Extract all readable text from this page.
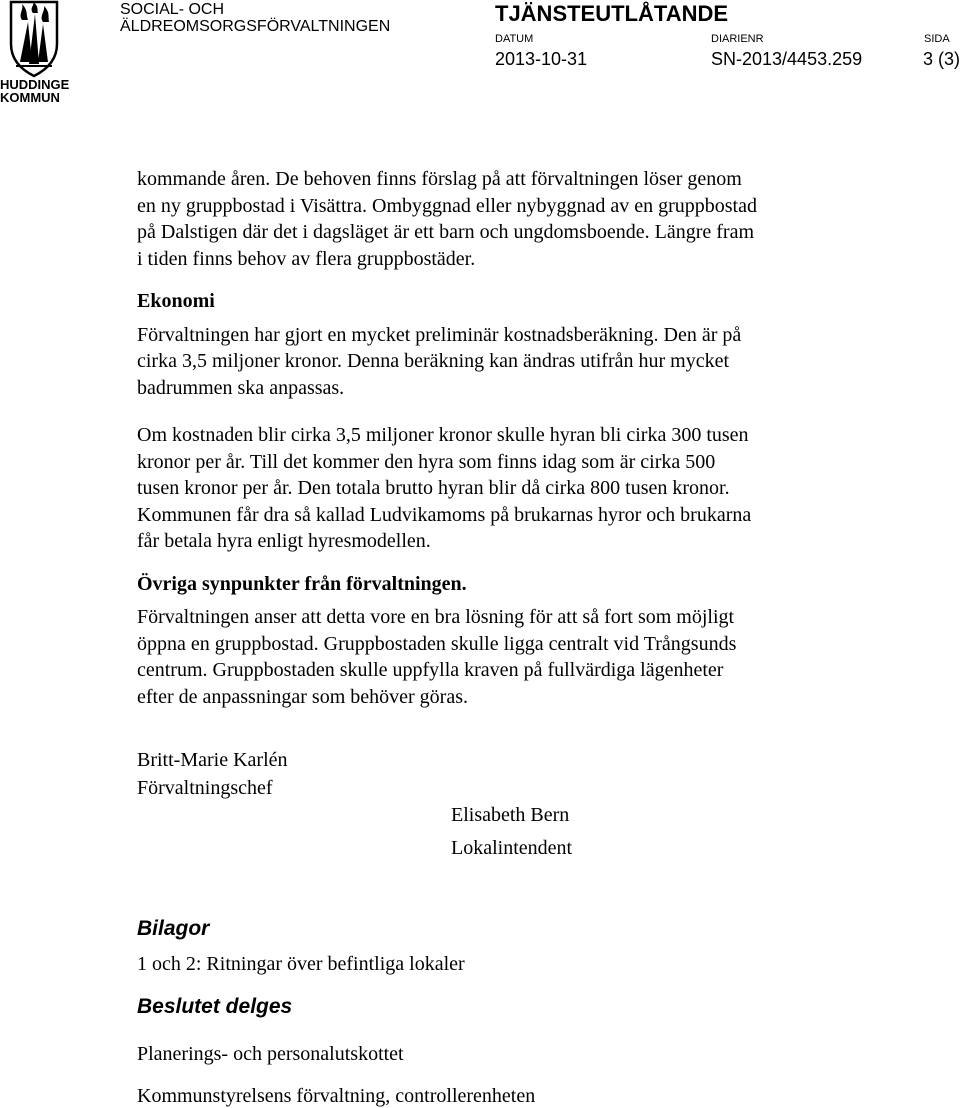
HUDDINGE
KOMMUN
SOCIAL- OCH
ÄLDREOMSORGSFÖRVALTNINGEN
TJÄNSTEUTLÅTANDE
DATUM
2013-10-31
DIARIENR
SN-2013/4453.259
SIDA
3 (3)
kommande åren. De behoven finns förslag på att förvaltningen löser genom
en ny gruppbostad i Visättra. Ombyggnad eller nybyggnad av en gruppbostad
på Dalstigen där det i dagsläget är ett barn och ungdomsboende. Längre fram
i tiden finns behov av flera gruppbostäder.
Ekonomi
Förvaltningen har gjort en mycket preliminär kostnadsberäkning. Den är på
cirka 3,5 miljoner kronor. Denna beräkning kan ändras utifrån hur mycket
badrummen ska anpassas.
Om kostnaden blir cirka 3,5 miljoner kronor skulle hyran bli cirka 300 tusen
kronor per år. Till det kommer den hyra som finns idag som är cirka 500
tusen kronor per år. Den totala brutto hyran blir då cirka 800 tusen kronor.
Kommunen får dra så kallad Ludvikamoms på brukarnas hyror och brukarna
får betala hyra enligt hyresmodellen.
Övriga synpunkter från förvaltningen.
Förvaltningen anser att detta vore en bra lösning för att så fort som möjligt
öppna en gruppbostad. Gruppbostaden skulle ligga centralt vid Trångsunds
centrum. Gruppbostaden skulle uppfylla kraven på fullvärdiga lägenheter
efter de anpassningar som behöver göras.
Britt-Marie Karlén
Förvaltningschef
Elisabeth Bern
Lokalintendent
Bilagor
1 och 2: Ritningar över befintliga lokaler
Beslutet delges
Planerings- och personalutskottet
Kommunstyrelsens förvaltning, controllerenheten
